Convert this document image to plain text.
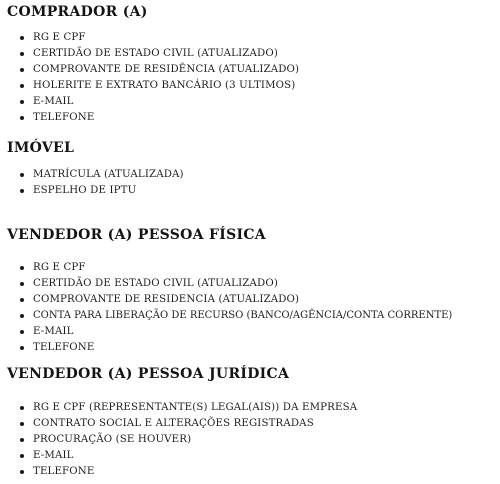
COMPRADOR (A)
RG E CPF
CERTIDÃO DE ESTADO CIVIL (ATUALIZADO)
COMPROVANTE DE RESIDÊNCIA (ATUALIZADO)
HOLERITE E EXTRATO BANCÁRIO (3 ULTIMOS)
E-MAIL
TELEFONE
IMÓVEL
MATRÍCULA (ATUALIZADA)
ESPELHO DE IPTU
VENDEDOR (A) PESSOA FÍSICA
RG E CPF
CERTIDÃO DE ESTADO CIVIL (ATUALIZADO)
COMPROVANTE DE RESIDENCIA (ATUALIZADO)
CONTA PARA LIBERAÇÃO DE RECURSO (BANCO/AGÊNCIA/CONTA CORRENTE)
E-MAIL
TELEFONE
VENDEDOR (A) PESSOA JURÍDICA
RG E CPF (REPRESENTANTE(S) LEGAL(AIS)) DA EMPRESA
CONTRATO SOCIAL E ALTERAÇÕES REGISTRADAS
PROCURAÇÃO (SE HOUVER)
E-MAIL
TELEFONE
